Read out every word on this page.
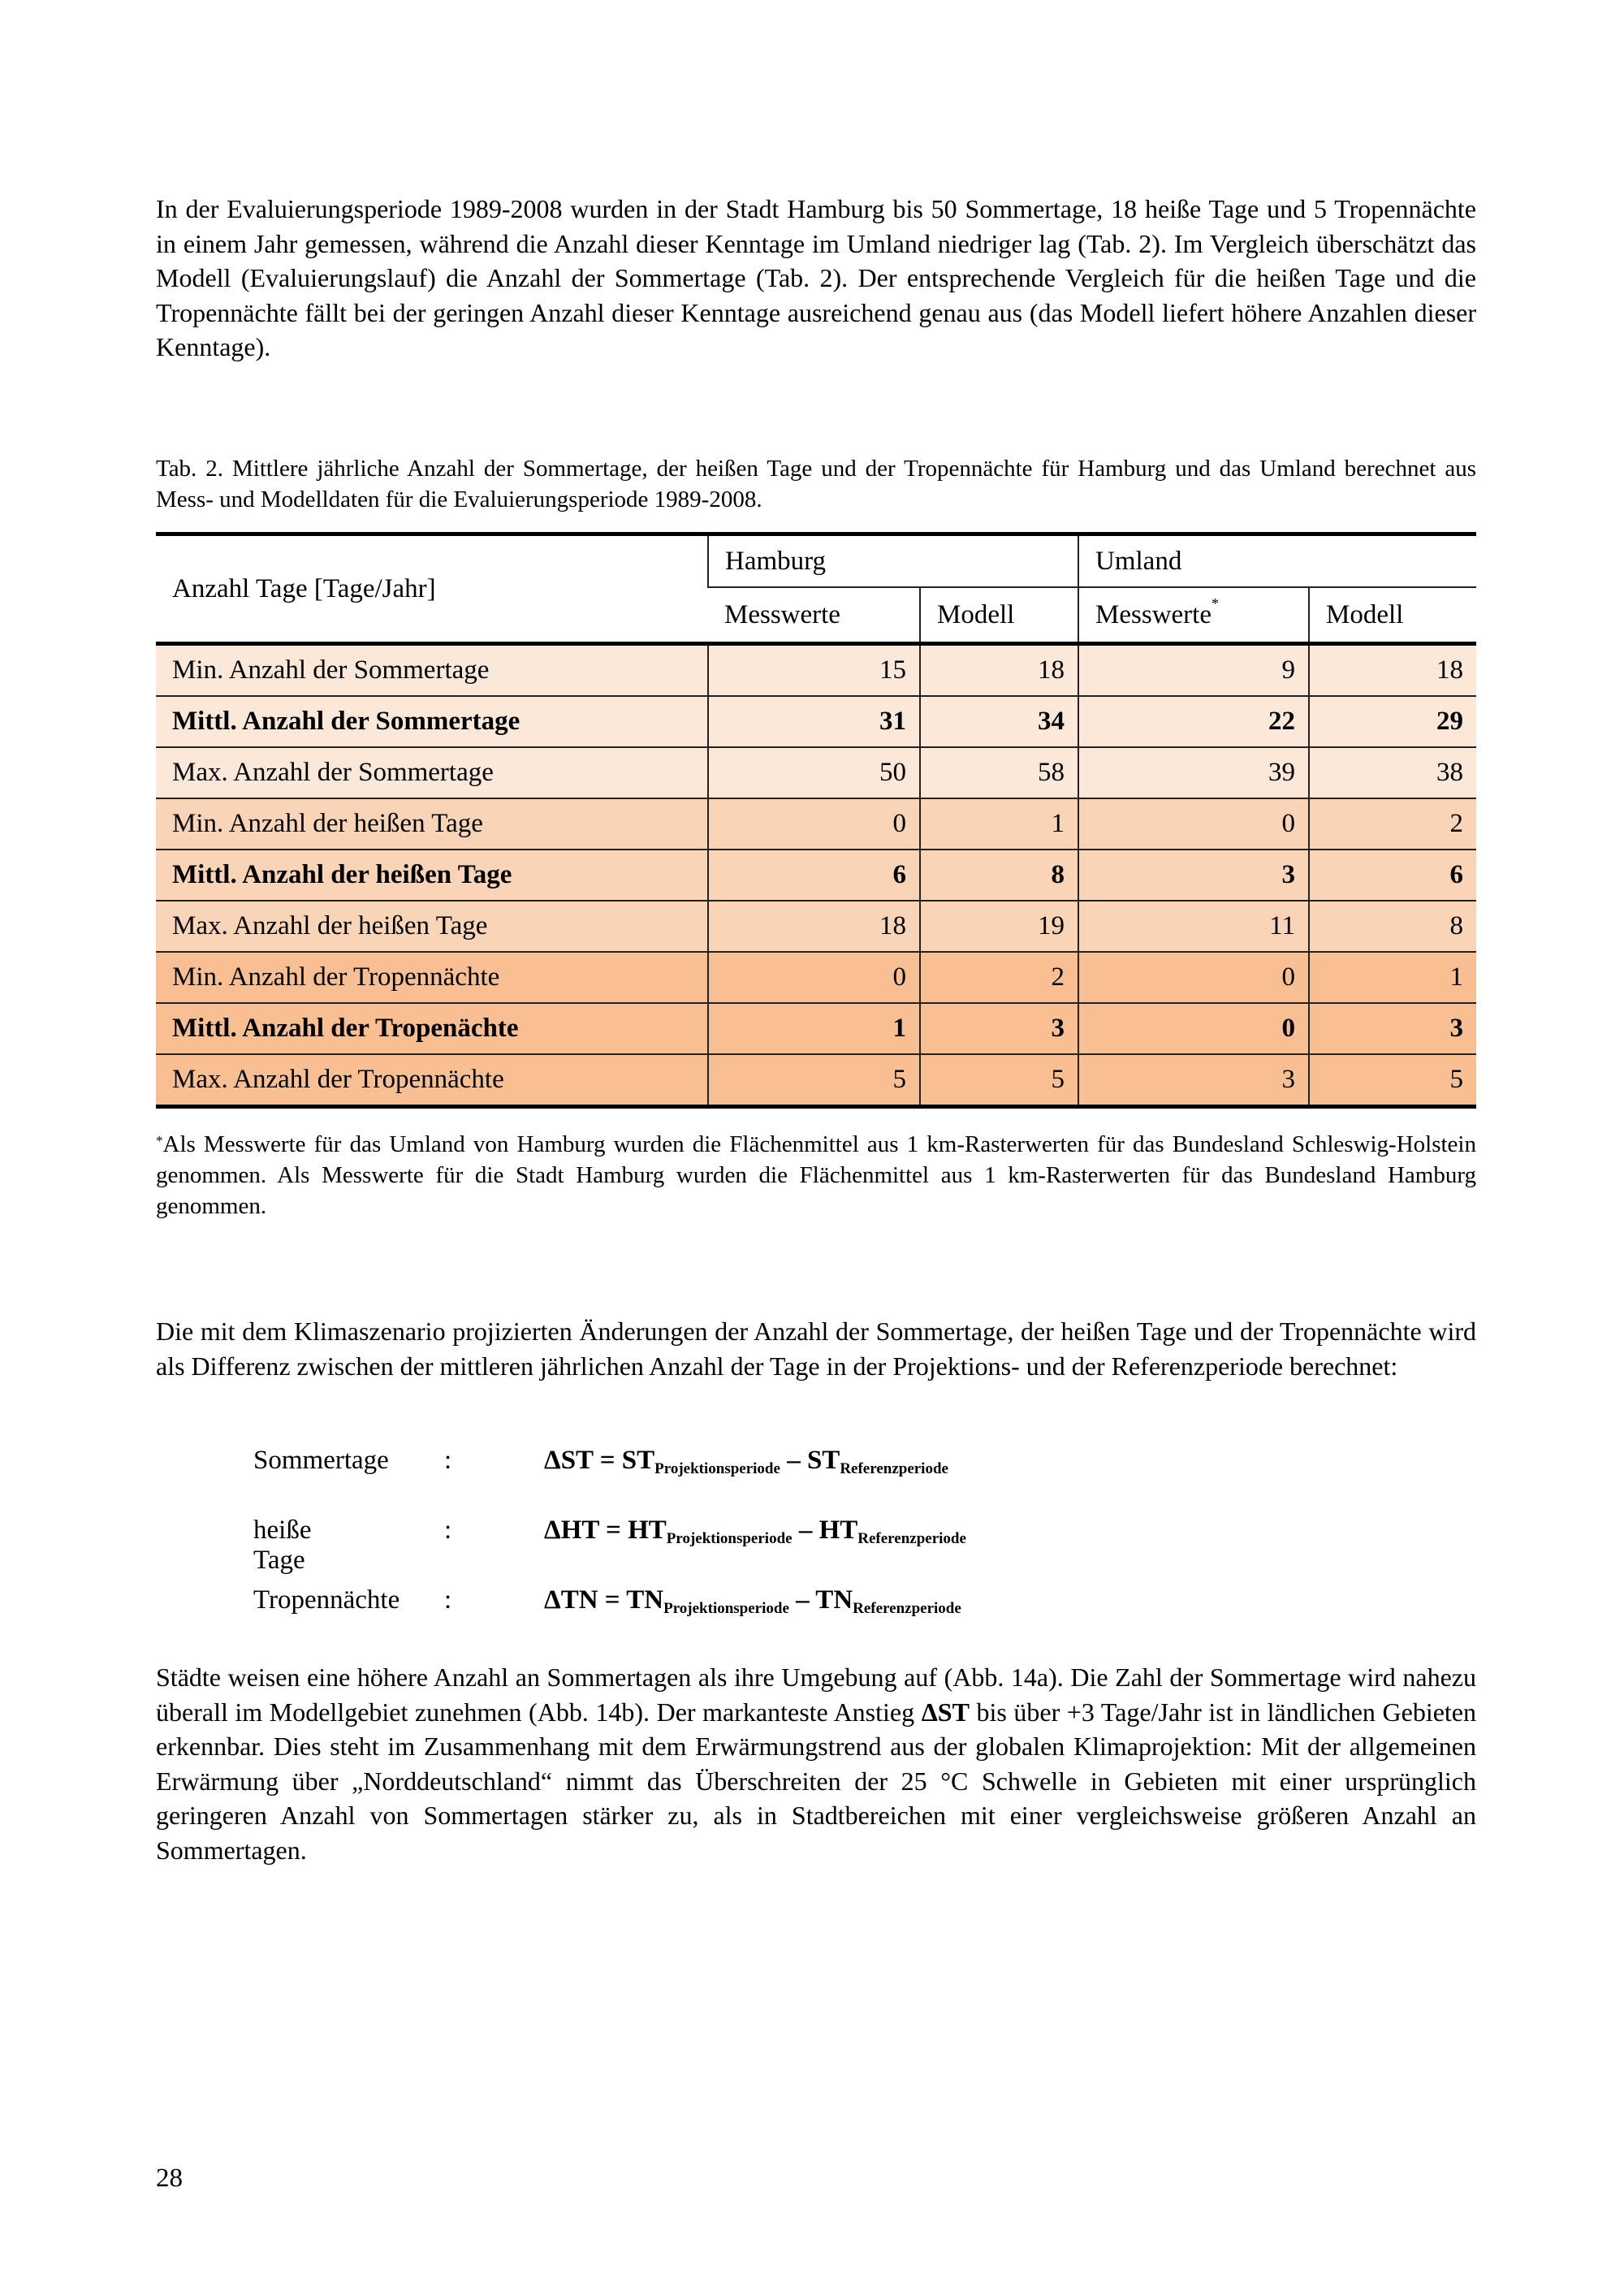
In der Evaluierungsperiode 1989-2008 wurden in der Stadt Hamburg bis 50 Sommertage, 18 heiße Tage und 5 Tropennächte in einem Jahr gemessen, während die Anzahl dieser Kenntage im Umland niedriger lag (Tab. 2). Im Vergleich überschätzt das Modell (Evaluierungslauf) die Anzahl der Sommertage (Tab. 2). Der entsprechende Vergleich für die heißen Tage und die Tropennächte fällt bei der geringen Anzahl dieser Kenntage ausreichend genau aus (das Modell liefert höhere Anzahlen dieser Kenntage).

Tab. 2. Mittlere jährliche Anzahl der Sommertage, der heißen Tage und der Tropennächte für Hamburg und das Umland berechnet aus Mess- und Modelldaten für die Evaluierungsperiode 1989-2008.

Anzahl Tage [Tage/Jahr]	Hamburg		Umland	
	Messwerte	Modell	Messwerte*	Modell
Min. Anzahl der Sommertage	15	18	9	18
Mittl. Anzahl der Sommertage	31	34	22	29
Max. Anzahl der Sommertage	50	58	39	38
Min. Anzahl der heißen Tage	0	1	0	2
Mittl. Anzahl der heißen Tage	6	8	3	6
Max. Anzahl der heißen Tage	18	19	11	8
Min. Anzahl der Tropennächte	0	2	0	1
Mittl. Anzahl der Tropenächte	1	3	0	3
Max. Anzahl der Tropennächte	5	5	3	5

*Als Messwerte für das Umland von Hamburg wurden die Flächenmittel aus 1 km-Rasterwerten für das Bundesland Schleswig-Holstein genommen. Als Messwerte für die Stadt Hamburg wurden die Flächenmittel aus 1 km-Rasterwerten für das Bundesland Hamburg genommen.

Die mit dem Klimaszenario projizierten Änderungen der Anzahl der Sommertage, der heißen Tage und der Tropennächte wird als Differenz zwischen der mittleren jährlichen Anzahl der Tage in der Projektions- und der Referenzperiode berechnet:

Sommertage :	$\Delta ST = ST_{Projektionsperiode} - ST_{Referenzperiode}$
heiße Tage
:	$\Delta HT = HT_{Projektionsperiode} - HT_{Referenzperiode}$
Tropennächte :	$\Delta TN = TN_{Projektionsperiode} - TN_{Referenzperiode}$

Städte weisen eine höhere Anzahl an Sommertagen als ihre Umgebung auf (Abb. 14a). Die Zahl der Sommertage wird nahezu überall im Modellgebiet zunehmen (Abb. 14b). Der markanteste Anstieg ΔST bis über +3 Tage/Jahr ist in ländlichen Gebieten erkennbar. Dies steht im Zusammenhang mit dem Erwärmungstrend aus der globalen Klimaprojektion: Mit der allgemeinen Erwärmung über „Norddeutschland“ nimmt das Überschreiten der 25 °C Schwelle in Gebieten mit einer ursprünglich geringeren Anzahl von Sommertagen stärker zu, als in Stadtbereichen mit einer vergleichsweise größeren Anzahl an Sommertagen.

28
